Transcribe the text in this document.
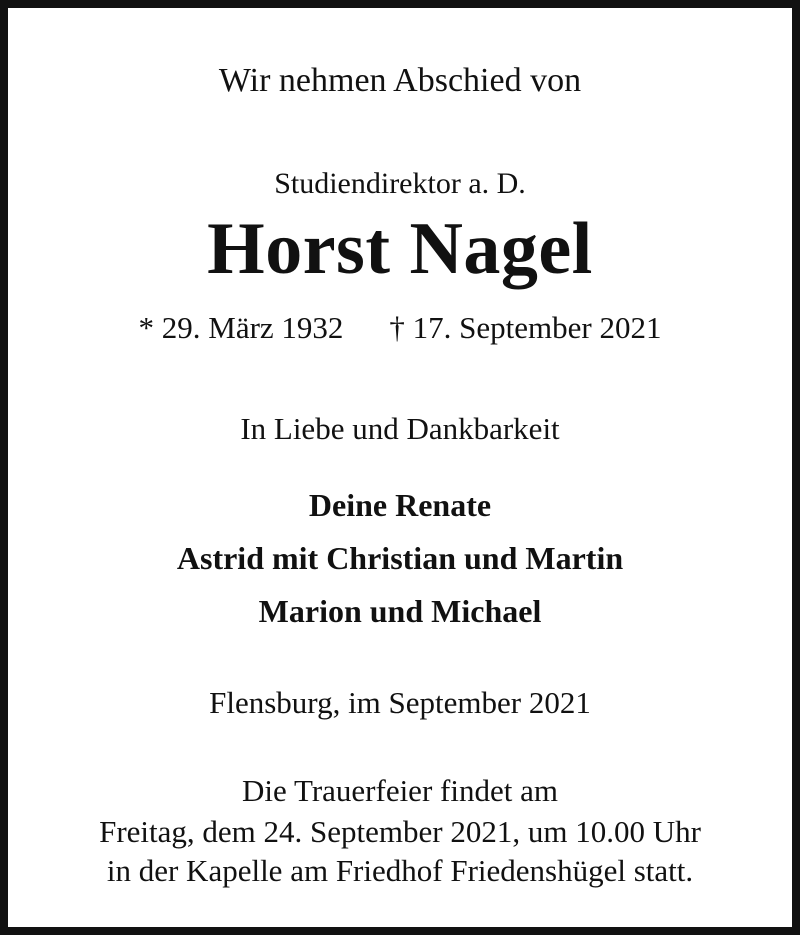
Wir nehmen Abschied von
Studiendirektor a. D.
Horst Nagel
* 29. März 1932 † 17. September 2021
In Liebe und Dankbarkeit
Deine Renate
Astrid mit Christian und Martin
Marion und Michael
Flensburg, im September 2021
Die Trauerfeier findet am
Freitag, dem 24. September 2021, um 10.00 Uhr
in der Kapelle am Friedhof Friedenshügel statt.
